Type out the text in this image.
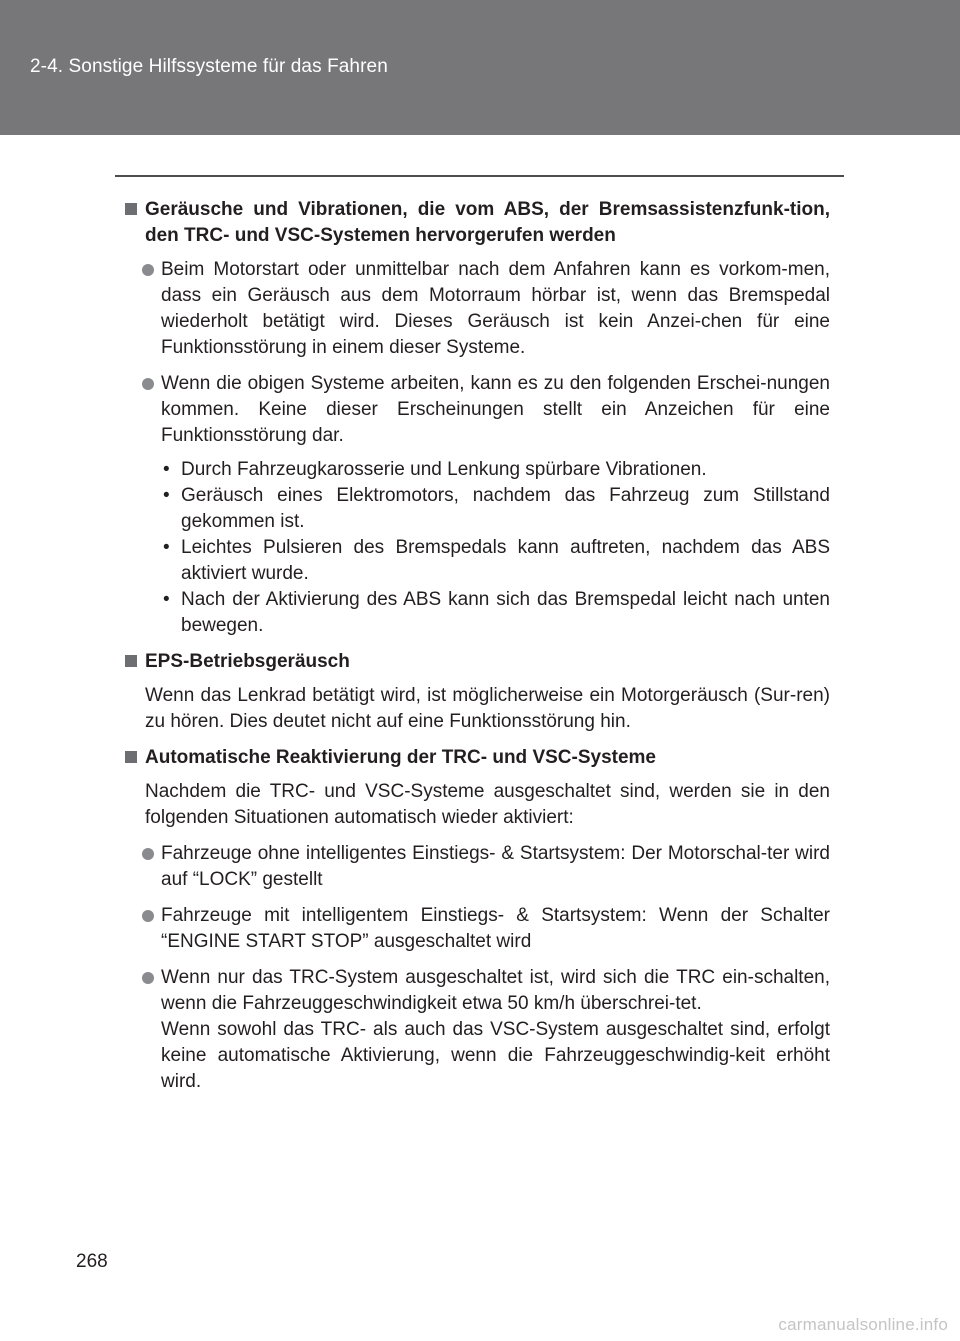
2-4. Sonstige Hilfssysteme für das Fahren
Geräusche und Vibrationen, die vom ABS, der Bremsassistenzfunk-tion, den TRC- und VSC-Systemen hervorgerufen werden
Beim Motorstart oder unmittelbar nach dem Anfahren kann es vorkom-men, dass ein Geräusch aus dem Motorraum hörbar ist, wenn das Bremspedal wiederholt betätigt wird. Dieses Geräusch ist kein Anzei-chen für eine Funktionsstörung in einem dieser Systeme.
Wenn die obigen Systeme arbeiten, kann es zu den folgenden Erschei-nungen kommen. Keine dieser Erscheinungen stellt ein Anzeichen für eine Funktionsstörung dar.
• Durch Fahrzeugkarosserie und Lenkung spürbare Vibrationen.
• Geräusch eines Elektromotors, nachdem das Fahrzeug zum Stillstand gekommen ist.
• Leichtes Pulsieren des Bremspedals kann auftreten, nachdem das ABS aktiviert wurde.
• Nach der Aktivierung des ABS kann sich das Bremspedal leicht nach unten bewegen.
EPS-Betriebsgeräusch
Wenn das Lenkrad betätigt wird, ist möglicherweise ein Motorgeräusch (Sur-ren) zu hören. Dies deutet nicht auf eine Funktionsstörung hin.
Automatische Reaktivierung der TRC- und VSC-Systeme
Nachdem die TRC- und VSC-Systeme ausgeschaltet sind, werden sie in den folgenden Situationen automatisch wieder aktiviert:
Fahrzeuge ohne intelligentes Einstiegs- & Startsystem: Der Motorschal-ter wird auf “LOCK” gestellt
Fahrzeuge mit intelligentem Einstiegs- & Startsystem: Wenn der Schalter “ENGINE START STOP” ausgeschaltet wird
Wenn nur das TRC-System ausgeschaltet ist, wird sich die TRC ein-schalten, wenn die Fahrzeuggeschwindigkeit etwa 50 km/h überschrei-tet.
Wenn sowohl das TRC- als auch das VSC-System ausgeschaltet sind, erfolgt keine automatische Aktivierung, wenn die Fahrzeuggeschwindig-keit erhöht wird.
268
carmanualsonline.info
